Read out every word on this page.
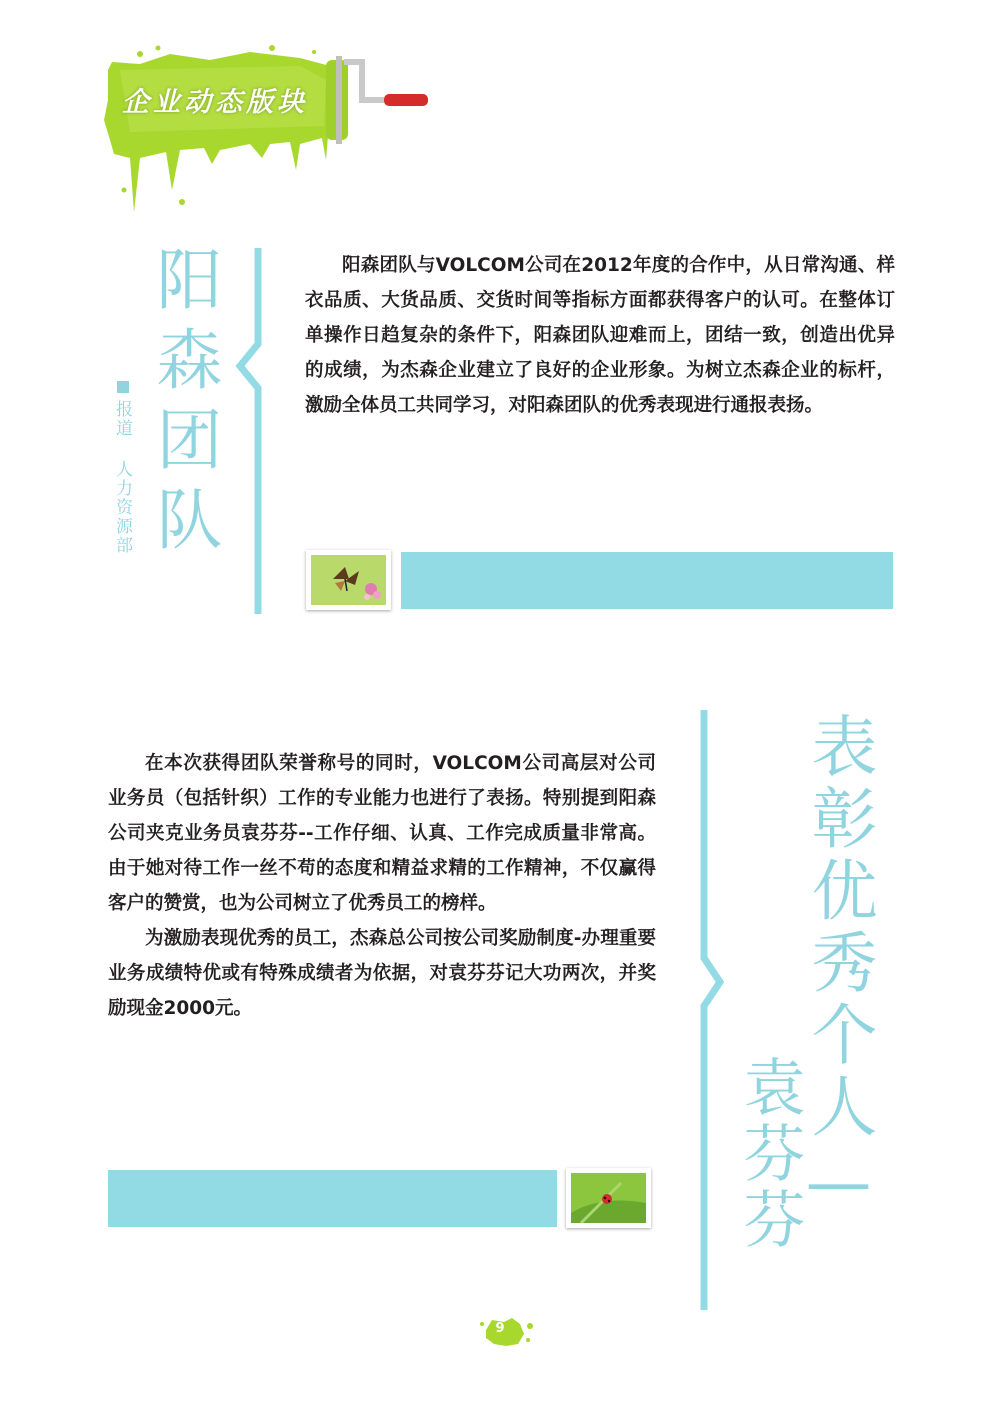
企业动态版块
阳森团队
报道 人力资源部

阳森团队与VOLCOM公司在2012年度的合作中，从日常沟通、样衣品质、大货品质、交货时间等指标方面都获得客户的认可。在整体订单操作日趋复杂的条件下，阳森团队迎难而上，团结一致，创造出优异的成绩，为杰森企业建立了良好的企业形象。为树立杰森企业的标杆，激励全体员工共同学习，对阳森团队的优秀表现进行通报表扬。

在本次获得团队荣誉称号的同时，VOLCOM公司高层对公司业务员（包括针织）工作的专业能力也进行了表扬。特别提到阳森公司夹克业务员袁芬芬--工作仔细、认真、工作完成质量非常高。由于她对待工作一丝不苟的态度和精益求精的工作精神，不仅赢得客户的赞赏，也为公司树立了优秀员工的榜样。

为激励表现优秀的员工，杰森总公司按公司奖励制度-办理重要业务成绩特优或有特殊成绩者为依据，对袁芬芬记大功两次，并奖励现金2000元。	表彰优秀个人—
袁芬芬
9
